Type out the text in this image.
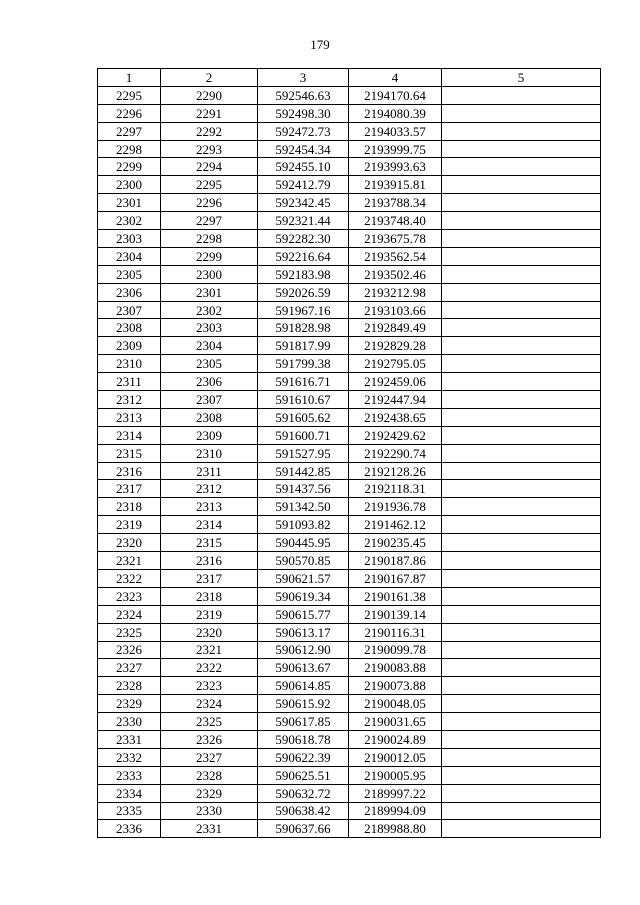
179
1	2	3	4	5
2295	2290	592546.63	2194170.64	
2296	2291	592498.30	2194080.39	
2297	2292	592472.73	2194033.57	
2298	2293	592454.34	2193999.75	
2299	2294	592455.10	2193993.63	
2300	2295	592412.79	2193915.81	
2301	2296	592342.45	2193788.34	
2302	2297	592321.44	2193748.40	
2303	2298	592282.30	2193675.78	
2304	2299	592216.64	2193562.54	
2305	2300	592183.98	2193502.46	
2306	2301	592026.59	2193212.98	
2307	2302	591967.16	2193103.66	
2308	2303	591828.98	2192849.49	
2309	2304	591817.99	2192829.28	
2310	2305	591799.38	2192795.05	
2311	2306	591616.71	2192459.06	
2312	2307	591610.67	2192447.94	
2313	2308	591605.62	2192438.65	
2314	2309	591600.71	2192429.62	
2315	2310	591527.95	2192290.74	
2316	2311	591442.85	2192128.26	
2317	2312	591437.56	2192118.31	
2318	2313	591342.50	2191936.78	
2319	2314	591093.82	2191462.12	
2320	2315	590445.95	2190235.45	
2321	2316	590570.85	2190187.86	
2322	2317	590621.57	2190167.87	
2323	2318	590619.34	2190161.38	
2324	2319	590615.77	2190139.14	
2325	2320	590613.17	2190116.31	
2326	2321	590612.90	2190099.78	
2327	2322	590613.67	2190083.88	
2328	2323	590614.85	2190073.88	
2329	2324	590615.92	2190048.05	
2330	2325	590617.85	2190031.65	
2331	2326	590618.78	2190024.89	
2332	2327	590622.39	2190012.05	
2333	2328	590625.51	2190005.95	
2334	2329	590632.72	2189997.22	
2335	2330	590638.42	2189994.09	
2336	2331	590637.66	2189988.80	
